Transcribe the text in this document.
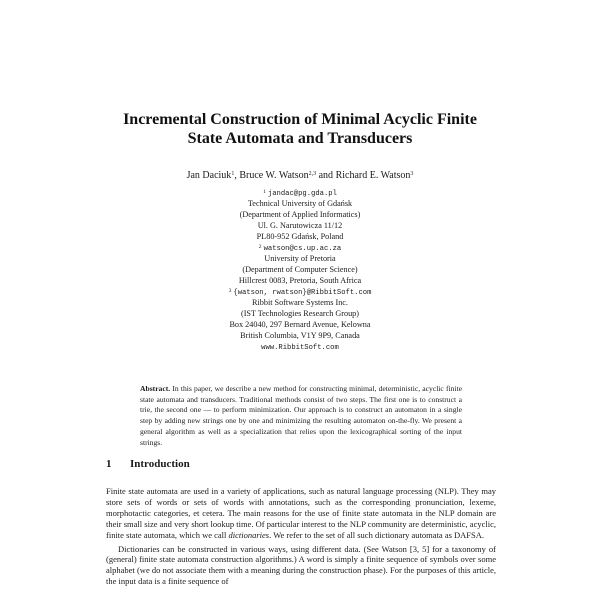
Incremental Construction of Minimal Acyclic Finite
State Automata and Transducers
Jan Daciuk$^1$, Bruce W. Watson$^{2,3}$ and Richard E. Watson$^3$
$^1$ jandac@pg.gda.pl
Technical University of Gdańsk
(Department of Applied Informatics)
Ul. G. Narutowicza 11/12
PL80-952 Gdańsk, Poland
$^2$ watson@cs.up.ac.za
University of Pretoria
(Department of Computer Science)
Hillcrest 0083, Pretoria, South Africa
$^3$ {watson, rwatson}@RibbitSoft.com
Ribbit Software Systems Inc.
(IST Technologies Research Group)
Box 24040, 297 Bernard Avenue, Kelowna
British Columbia, V1Y 9P9, Canada
www.RibbitSoft.com
Abstract. In this paper, we describe a new method for constructing minimal, deterministic, acyclic finite state automata and transducers. Traditional methods consist of two steps. The first one is to construct a trie, the second one — to perform minimization. Our approach is to construct an automaton in a single step by adding new strings one by one and minimizing the resulting automaton on-the-fly. We present a general algorithm as well as a specialization that relies upon the lexicographical sorting of the input strings.
1 Introduction

Finite state automata are used in a variety of applications, such as natural language processing (NLP). They may store sets of words or sets of words with annotations, such as the corresponding pronunciation, lexeme, morphotactic categories, et cetera. The main reasons for the use of finite state automata in the NLP domain are their small size and very short lookup time. Of particular interest to the NLP community are deterministic, acyclic, finite state automata, which we call dictionaries. We refer to the set of all such dictionary automata as DAFSA.

Dictionaries can be constructed in various ways, using different data. (See Watson [3, 5] for a taxonomy of (general) finite state automata construction algorithms.) A word is simply a finite sequence of symbols over some alphabet (we do not associate them with a meaning during the construction phase). For the purposes of this article, the input data is a finite sequence of
